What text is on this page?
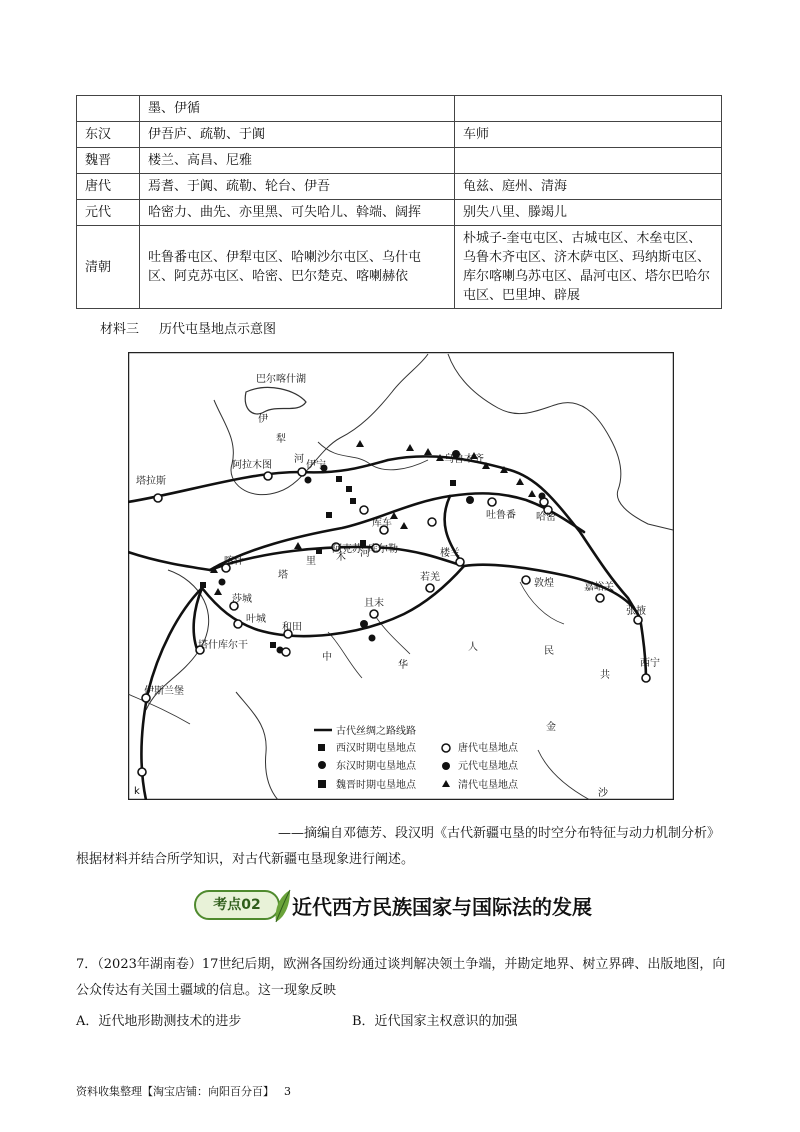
	墨、伊循	
东汉	伊吾庐、疏勒、于阗	车师
魏晋	楼兰、高昌、尼雅	
唐代	焉耆、于阗、疏勒、轮台、伊吾	龟兹、庭州、清海
元代	哈密力、曲先、亦里黑、可失哈儿、斡端、阔挥	别失八里、滕竭儿
清朝	吐鲁番屯区、伊犁屯区、哈喇沙尔屯区、乌什屯区、阿克苏屯区、哈密、巴尔楚克、喀喇赫依	朴城子-奎屯屯区、古城屯区、木垒屯区、乌鲁木齐屯区、济木萨屯区、玛纳斯屯区、库尔喀喇乌苏屯区、晶河屯区、塔尔巴哈尔屯区、巴里坤、辟展
材料三 历代屯垦地点示意图
巴尔喀什湖
伊
犁
河
塔拉斯
阿拉木图	伊宁
乌鲁木齐
库车
吐鲁番 哈密
阿克苏 库尔勒
喀什
莎城
叶城
和田
塔什库尔干
楼兰
若羌
且末
敦煌	嘉峪关
张掖
西宁
伊斯兰堡
k
塔
里 木 河
中
华
人	民
共
金
沙
古代丝绸之路线路
西汉时期屯垦地点
东汉时期屯垦地点
魏晋时期屯垦地点
唐代屯垦地点
元代屯垦地点
清代屯垦地点
——摘编自邓德芳、段汉明《古代新疆屯垦的时空分布特征与动力机制分析》
根据材料并结合所学知识，对古代新疆屯垦现象进行阐述。
考点02	近代西方民族国家与国际法的发展
7．（2023年湖南卷）17世纪后期，欧洲各国纷纷通过谈判解决领土争端，并勘定地界、树立界碑、出版地图，向公众传达有关国土疆域的信息。这一现象反映
A．近代地形勘测技术的进步	B．近代国家主权意识的加强
资料收集整理【淘宝店铺：向阳百分百】 3
